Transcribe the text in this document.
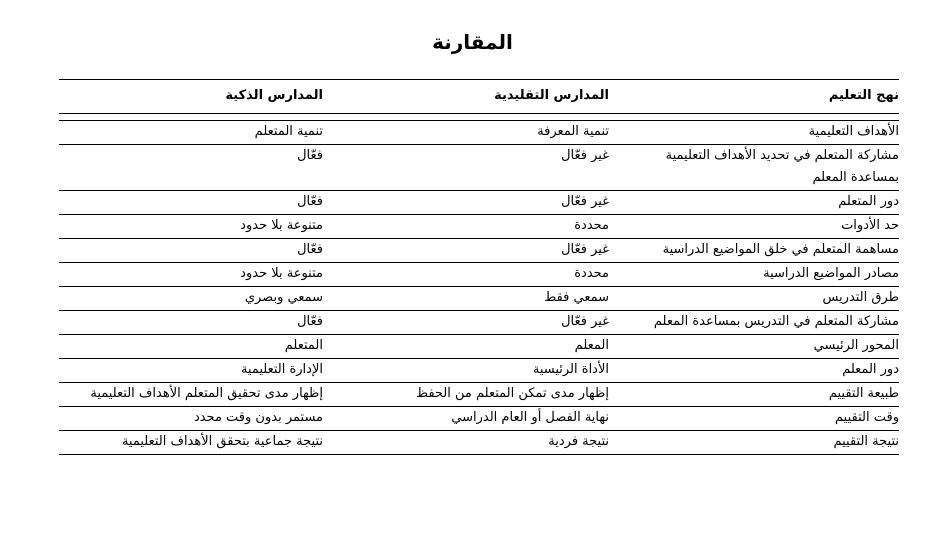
المقارنة
نهج التعليم	المدارس التقليدية	المدارس الذكية

الأهداف التعليمية	تنمية المعرفة	تنمية المتعلم
مشاركة المتعلم في تحديد الأهداف التعليمية بمساعدة المعلم	غير فعّال	فعّال
دور المتعلم	غير فعّال	فعّال
حد الأدوات	محددة	متنوعة بلا حدود
مساهمة المتعلم في خلق المواضيع الدراسية	غير فعّال	فعّال
مصادر المواضيع الدراسية	محددة	متنوعة بلا حدود
طرق التدريس	سمعي فقط	سمعي وبصري
مشاركة المتعلم في التدريس بمساعدة المعلم	غير فعّال	فعّال
المحور الرئيسي	المعلم	المتعلم
دور المعلم	الأداة الرئيسية	الإدارة التعليمية
طبيعة التقييم	إظهار مدى تمكن المتعلم من الحفظ	إظهار مدى تحقيق المتعلم الأهداف التعليمية
وقت التقييم	نهاية الفصل أو العام الدراسي	مستمر بدون وقت محدد
نتيجة التقييم	نتيجة فردية	نتيجة جماعية بتحقق الأهداف التعليمية
